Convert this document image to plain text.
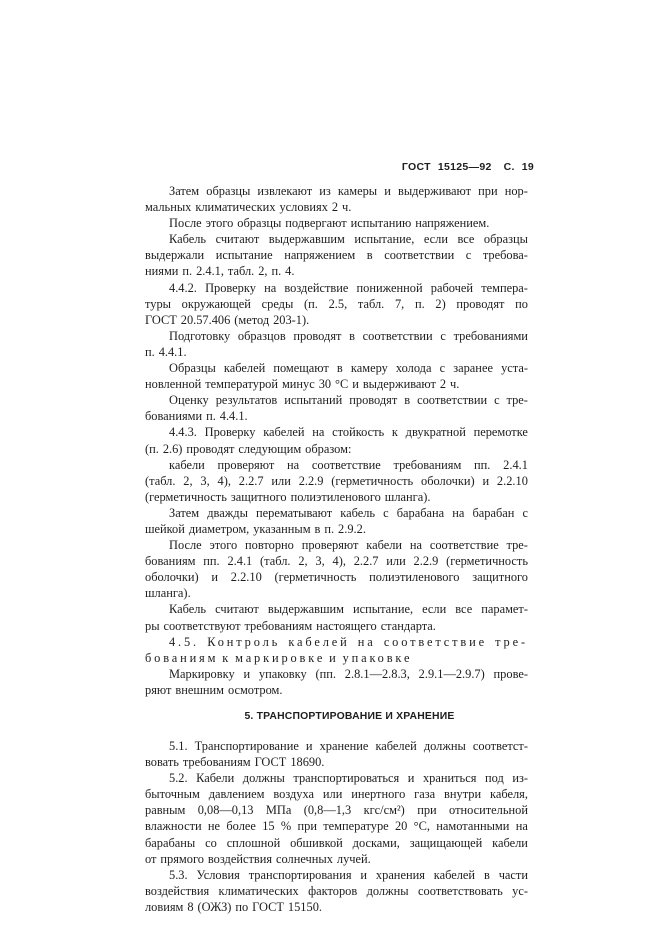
ГОСТ 15125—92 С. 19
Затем образцы извлекают из камеры и выдерживают при нор-
мальных климатических условиях 2 ч.
После этого образцы подвергают испытанию напряжением.
Кабель считают выдержавшим испытание, если все образцы
выдержали испытание напряжением в соответствии с требова-
ниями п. 2.4.1, табл. 2, п. 4.
4.4.2. Проверку на воздействие пониженной рабочей темпера-
туры окружающей среды (п. 2.5, табл. 7, п. 2) проводят по
ГОСТ 20.57.406 (метод 203-1).
Подготовку образцов проводят в соответствии с требованиями
п. 4.4.1.
Образцы кабелей помещают в камеру холода с заранее уста-
новленной температурой минус 30 °С и выдерживают 2 ч.
Оценку результатов испытаний проводят в соответствии с тре-
бованиями п. 4.4.1.
4.4.3. Проверку кабелей на стойкость к двукратной перемотке
(п. 2.6) проводят следующим образом:
кабели проверяют на соответствие требованиям пп. 2.4.1
(табл. 2, 3, 4), 2.2.7 или 2.2.9 (герметичность оболочки) и 2.2.10
(герметичность защитного полиэтиленового шланга).
Затем дважды перематывают кабель с барабана на барабан с
шейкой диаметром, указанным в п. 2.9.2.
После этого повторно проверяют кабели на соответствие тре-
бованиям пп. 2.4.1 (табл. 2, 3, 4), 2.2.7 или 2.2.9 (герметичность
оболочки) и 2.2.10 (герметичность полиэтиленового защитного
шланга).
Кабель считают выдержавшим испытание, если все парамет-
ры соответствуют требованиям настоящего стандарта.
4.5. Контроль кабелей на соответствие тре-
бованиям к маркировке и упаковке
Маркировку и упаковку (пп. 2.8.1—2.8.3, 2.9.1—2.9.7) прове-
ряют внешним осмотром.
5. ТРАНСПОРТИРОВАНИЕ И ХРАНЕНИЕ
5.1. Транспортирование и хранение кабелей должны соответст-
вовать требованиям ГОСТ 18690.
5.2. Кабели должны транспортироваться и храниться под из-
быточным давлением воздуха или инертного газа внутри кабеля,
равным 0,08—0,13 МПа (0,8—1,3 кгс/см²) при относительной
влажности не более 15 % при температуре 20 °С, намотанными на
барабаны со сплошной обшивкой досками, защищающей кабели
от прямого воздействия солнечных лучей.
5.3. Условия транспортирования и хранения кабелей в части
воздействия климатических факторов должны соответствовать ус-
ловиям 8 (ОЖЗ) по ГОСТ 15150.
